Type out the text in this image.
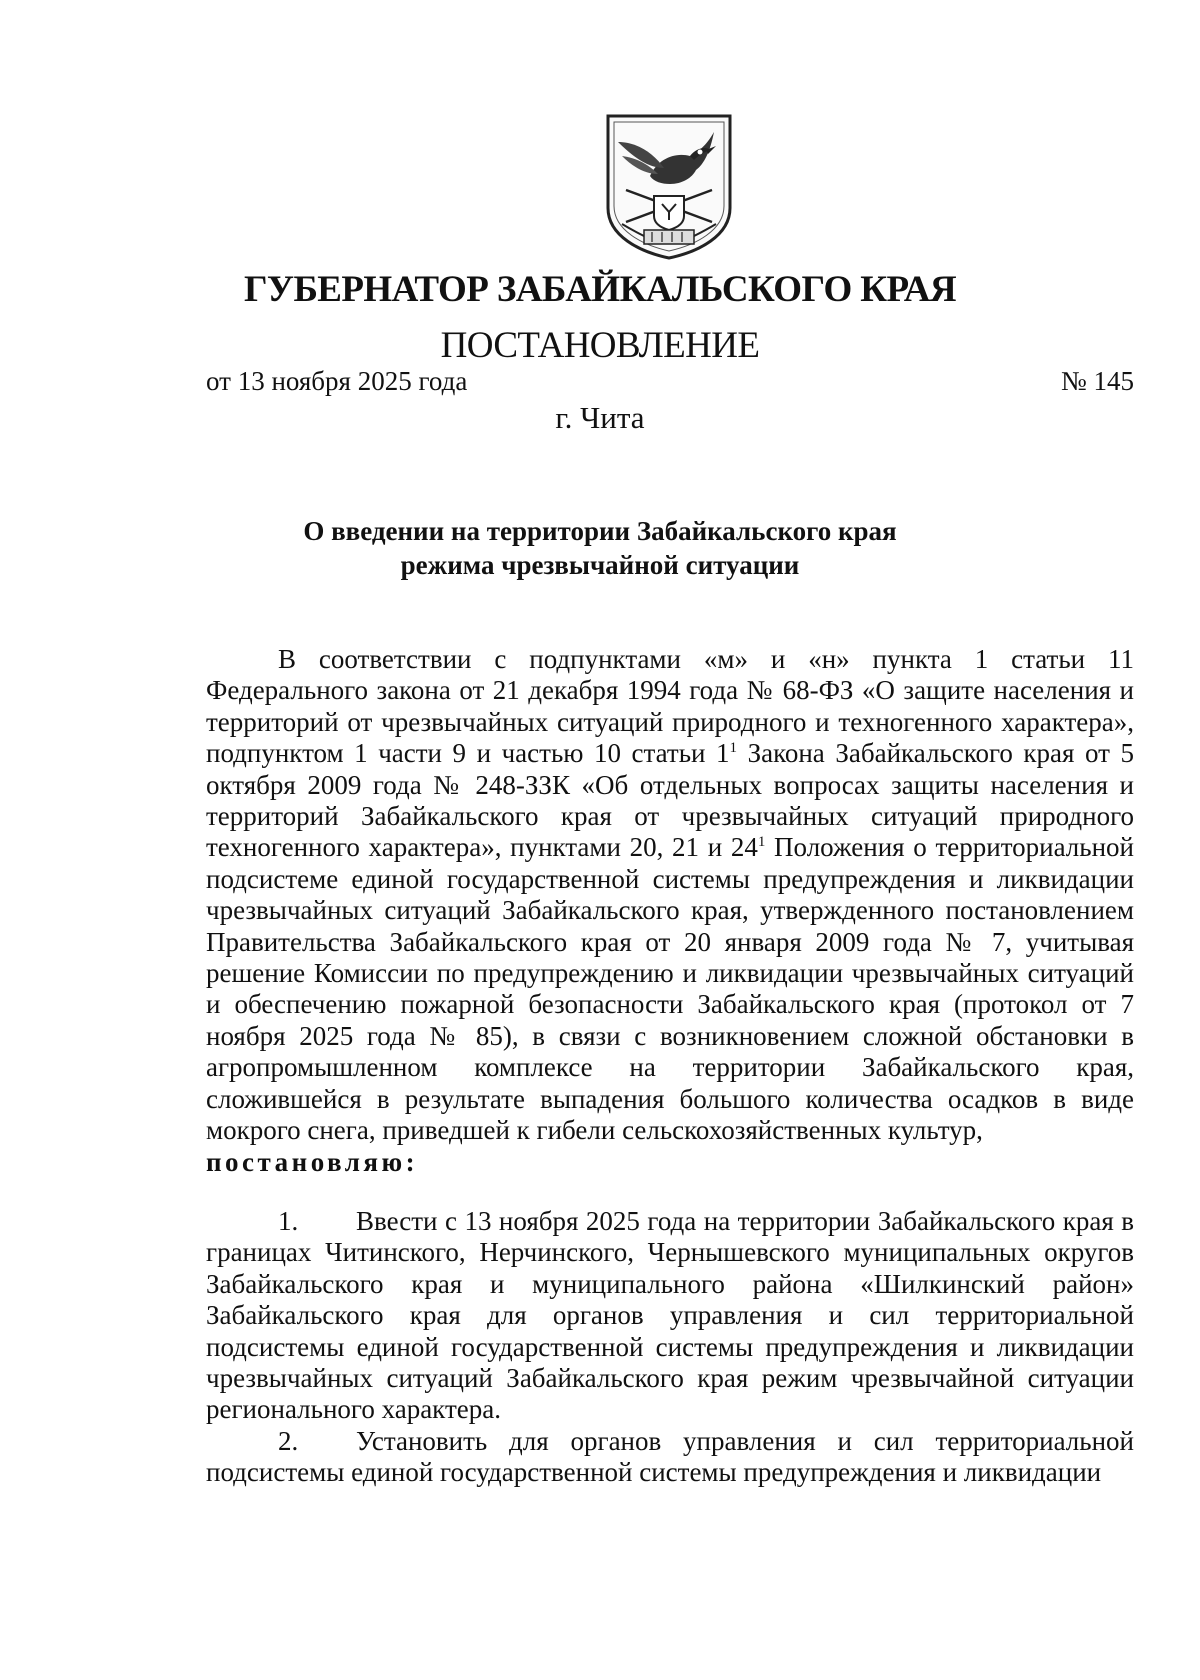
ГУБЕРНАТОР ЗАБАЙКАЛЬСКОГО КРАЯ
ПОСТАНОВЛЕНИЕ
от 13 ноября 2025 года	№ 145
г. Чита
О введении на территории Забайкальского края
режима чрезвычайной ситуации

В соответствии с подпунктами «м» и «н» пункта 1 статьи 11 Федерального закона от 21 декабря 1994 года № 68-ФЗ «О защите населения и территорий от чрезвычайных ситуаций природного и техногенного характера», подпунктом 1 части 9 и частью 10 статьи $1^1$ Закона Забайкальского края от 5 октября 2009 года № 248-ЗЗК «Об отдельных вопросах защиты населения и территорий Забайкальского края от чрезвычайных ситуаций природного техногенного характера», пунктами 20, 21 и $24^1$ Положения о территориальной подсистеме единой государственной системы предупреждения и ликвидации чрезвычайных ситуаций Забайкальского края, утвержденного постановлением Правительства Забайкальского края от 20 января 2009 года № 7, учитывая решение Комиссии по предупреждению и ликвидации чрезвычайных ситуаций и обеспечению пожарной безопасности Забайкальского края (протокол от 7 ноября 2025 года № 85), в связи с возникновением сложной обстановки в агропромышленном комплексе на территории Забайкальского края, сложившейся в результате выпадения большого количества осадков в виде мокрого снега, приведшей к гибели сельскохозяйственных культур,
постановляю:

1. Ввести с 13 ноября 2025 года на территории Забайкальского края в границах Читинского, Нерчинского, Чернышевского муниципальных округов Забайкальского края и муниципального района «Шилкинский район» Забайкальского края для органов управления и сил территориальной подсистемы единой государственной системы предупреждения и ликвидации чрезвычайных ситуаций Забайкальского края режим чрезвычайной ситуации регионального характера.

2. Установить для органов управления и сил территориальной подсистемы единой государственной системы предупреждения и ликвидации
